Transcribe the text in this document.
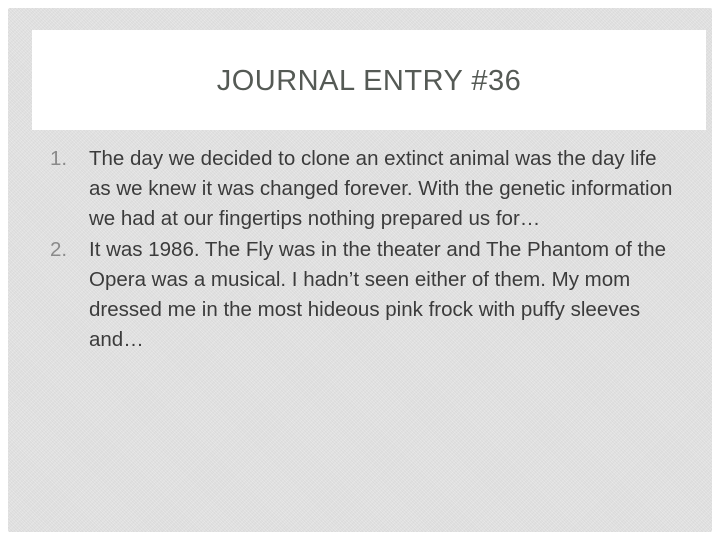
JOURNAL ENTRY #36
1.	The day we decided to clone an extinct animal was the day life as we knew it was changed forever. With the genetic information we had at our fingertips nothing prepared us for…
2.	It was 1986. The Fly was in the theater and The Phantom of the Opera was a musical. I hadn’t seen either of them. My mom dressed me in the most hideous pink frock with puffy sleeves and…
